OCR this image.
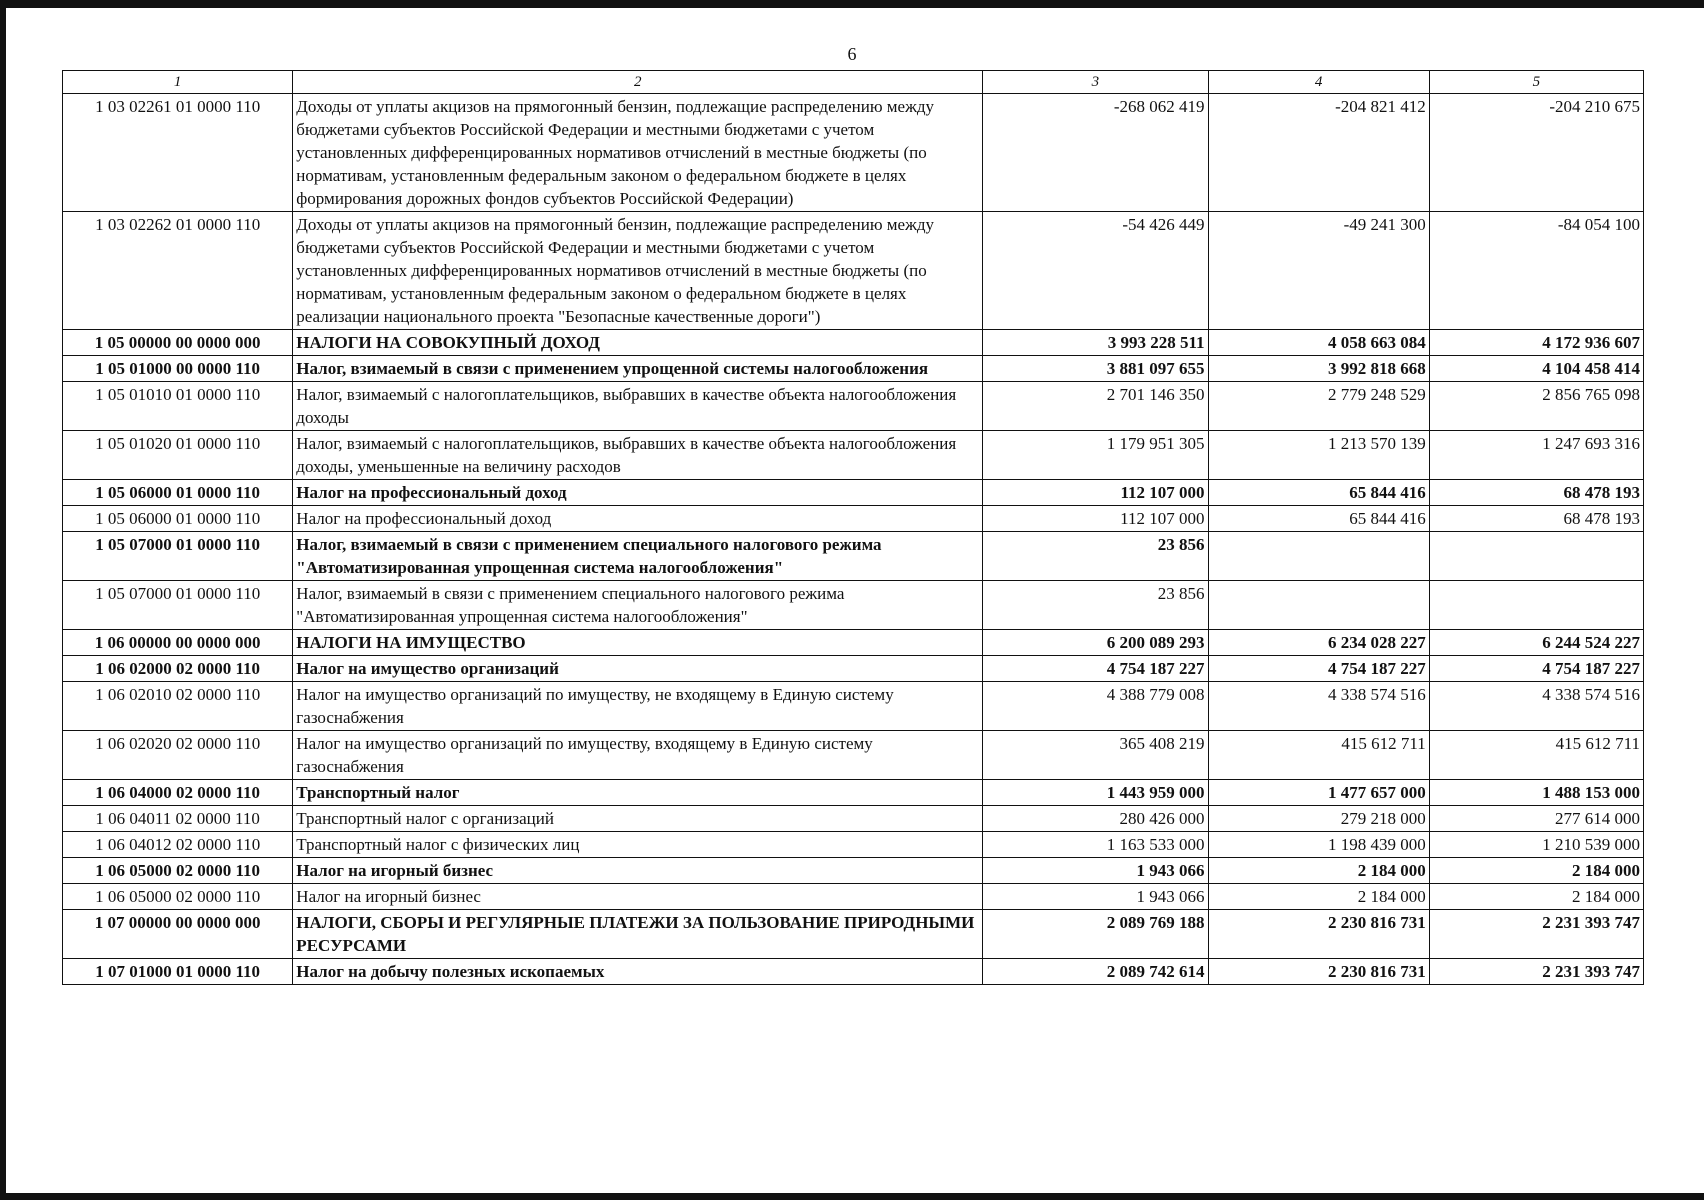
6
1	2	3	4	5
1 03 02261 01 0000 110	Доходы от уплаты акцизов на прямогонный бензин, подлежащие распределению между бюджетами субъектов Российской Федерации и местными бюджетами с учетом установленных дифференцированных нормативов отчислений в местные бюджеты (по нормативам, установленным федеральным законом о федеральном бюджете в целях формирования дорожных фондов субъектов Российской Федерации)	-268 062 419	-204 821 412	-204 210 675
1 03 02262 01 0000 110	Доходы от уплаты акцизов на прямогонный бензин, подлежащие распределению между бюджетами субъектов Российской Федерации и местными бюджетами с учетом установленных дифференцированных нормативов отчислений в местные бюджеты (по нормативам, установленным федеральным законом о федеральном бюджете в целях реализации национального проекта "Безопасные качественные дороги")	-54 426 449	-49 241 300	-84 054 100
1 05 00000 00 0000 000	НАЛОГИ НА СОВОКУПНЫЙ ДОХОД	3 993 228 511	4 058 663 084	4 172 936 607
1 05 01000 00 0000 110	Налог, взимаемый в связи с применением упрощенной системы налогообложения	3 881 097 655	3 992 818 668	4 104 458 414
1 05 01010 01 0000 110	Налог, взимаемый с налогоплательщиков, выбравших в качестве объекта налогообложения доходы	2 701 146 350	2 779 248 529	2 856 765 098
1 05 01020 01 0000 110	Налог, взимаемый с налогоплательщиков, выбравших в качестве объекта налогообложения доходы, уменьшенные на величину расходов	1 179 951 305	1 213 570 139	1 247 693 316
1 05 06000 01 0000 110	Налог на профессиональный доход	112 107 000	65 844 416	68 478 193
1 05 06000 01 0000 110	Налог на профессиональный доход	112 107 000	65 844 416	68 478 193
1 05 07000 01 0000 110	Налог, взимаемый в связи с применением специального налогового режима "Автоматизированная упрощенная система налогообложения"	23 856		
1 05 07000 01 0000 110	Налог, взимаемый в связи с применением специального налогового режима "Автоматизированная упрощенная система налогообложения"	23 856		
1 06 00000 00 0000 000	НАЛОГИ НА ИМУЩЕСТВО	6 200 089 293	6 234 028 227	6 244 524 227
1 06 02000 02 0000 110	Налог на имущество организаций	4 754 187 227	4 754 187 227	4 754 187 227
1 06 02010 02 0000 110	Налог на имущество организаций по имуществу, не входящему в Единую систему газоснабжения	4 388 779 008	4 338 574 516	4 338 574 516
1 06 02020 02 0000 110	Налог на имущество организаций по имуществу, входящему в Единую систему газоснабжения	365 408 219	415 612 711	415 612 711
1 06 04000 02 0000 110	Транспортный налог	1 443 959 000	1 477 657 000	1 488 153 000
1 06 04011 02 0000 110	Транспортный налог с организаций	280 426 000	279 218 000	277 614 000
1 06 04012 02 0000 110	Транспортный налог с физических лиц	1 163 533 000	1 198 439 000	1 210 539 000
1 06 05000 02 0000 110	Налог на игорный бизнес	1 943 066	2 184 000	2 184 000
1 06 05000 02 0000 110	Налог на игорный бизнес	1 943 066	2 184 000	2 184 000
1 07 00000 00 0000 000	НАЛОГИ, СБОРЫ И РЕГУЛЯРНЫЕ ПЛАТЕЖИ ЗА ПОЛЬЗОВАНИЕ ПРИРОДНЫМИ РЕСУРСАМИ	2 089 769 188	2 230 816 731	2 231 393 747
1 07 01000 01 0000 110	Налог на добычу полезных ископаемых	2 089 742 614	2 230 816 731	2 231 393 747
